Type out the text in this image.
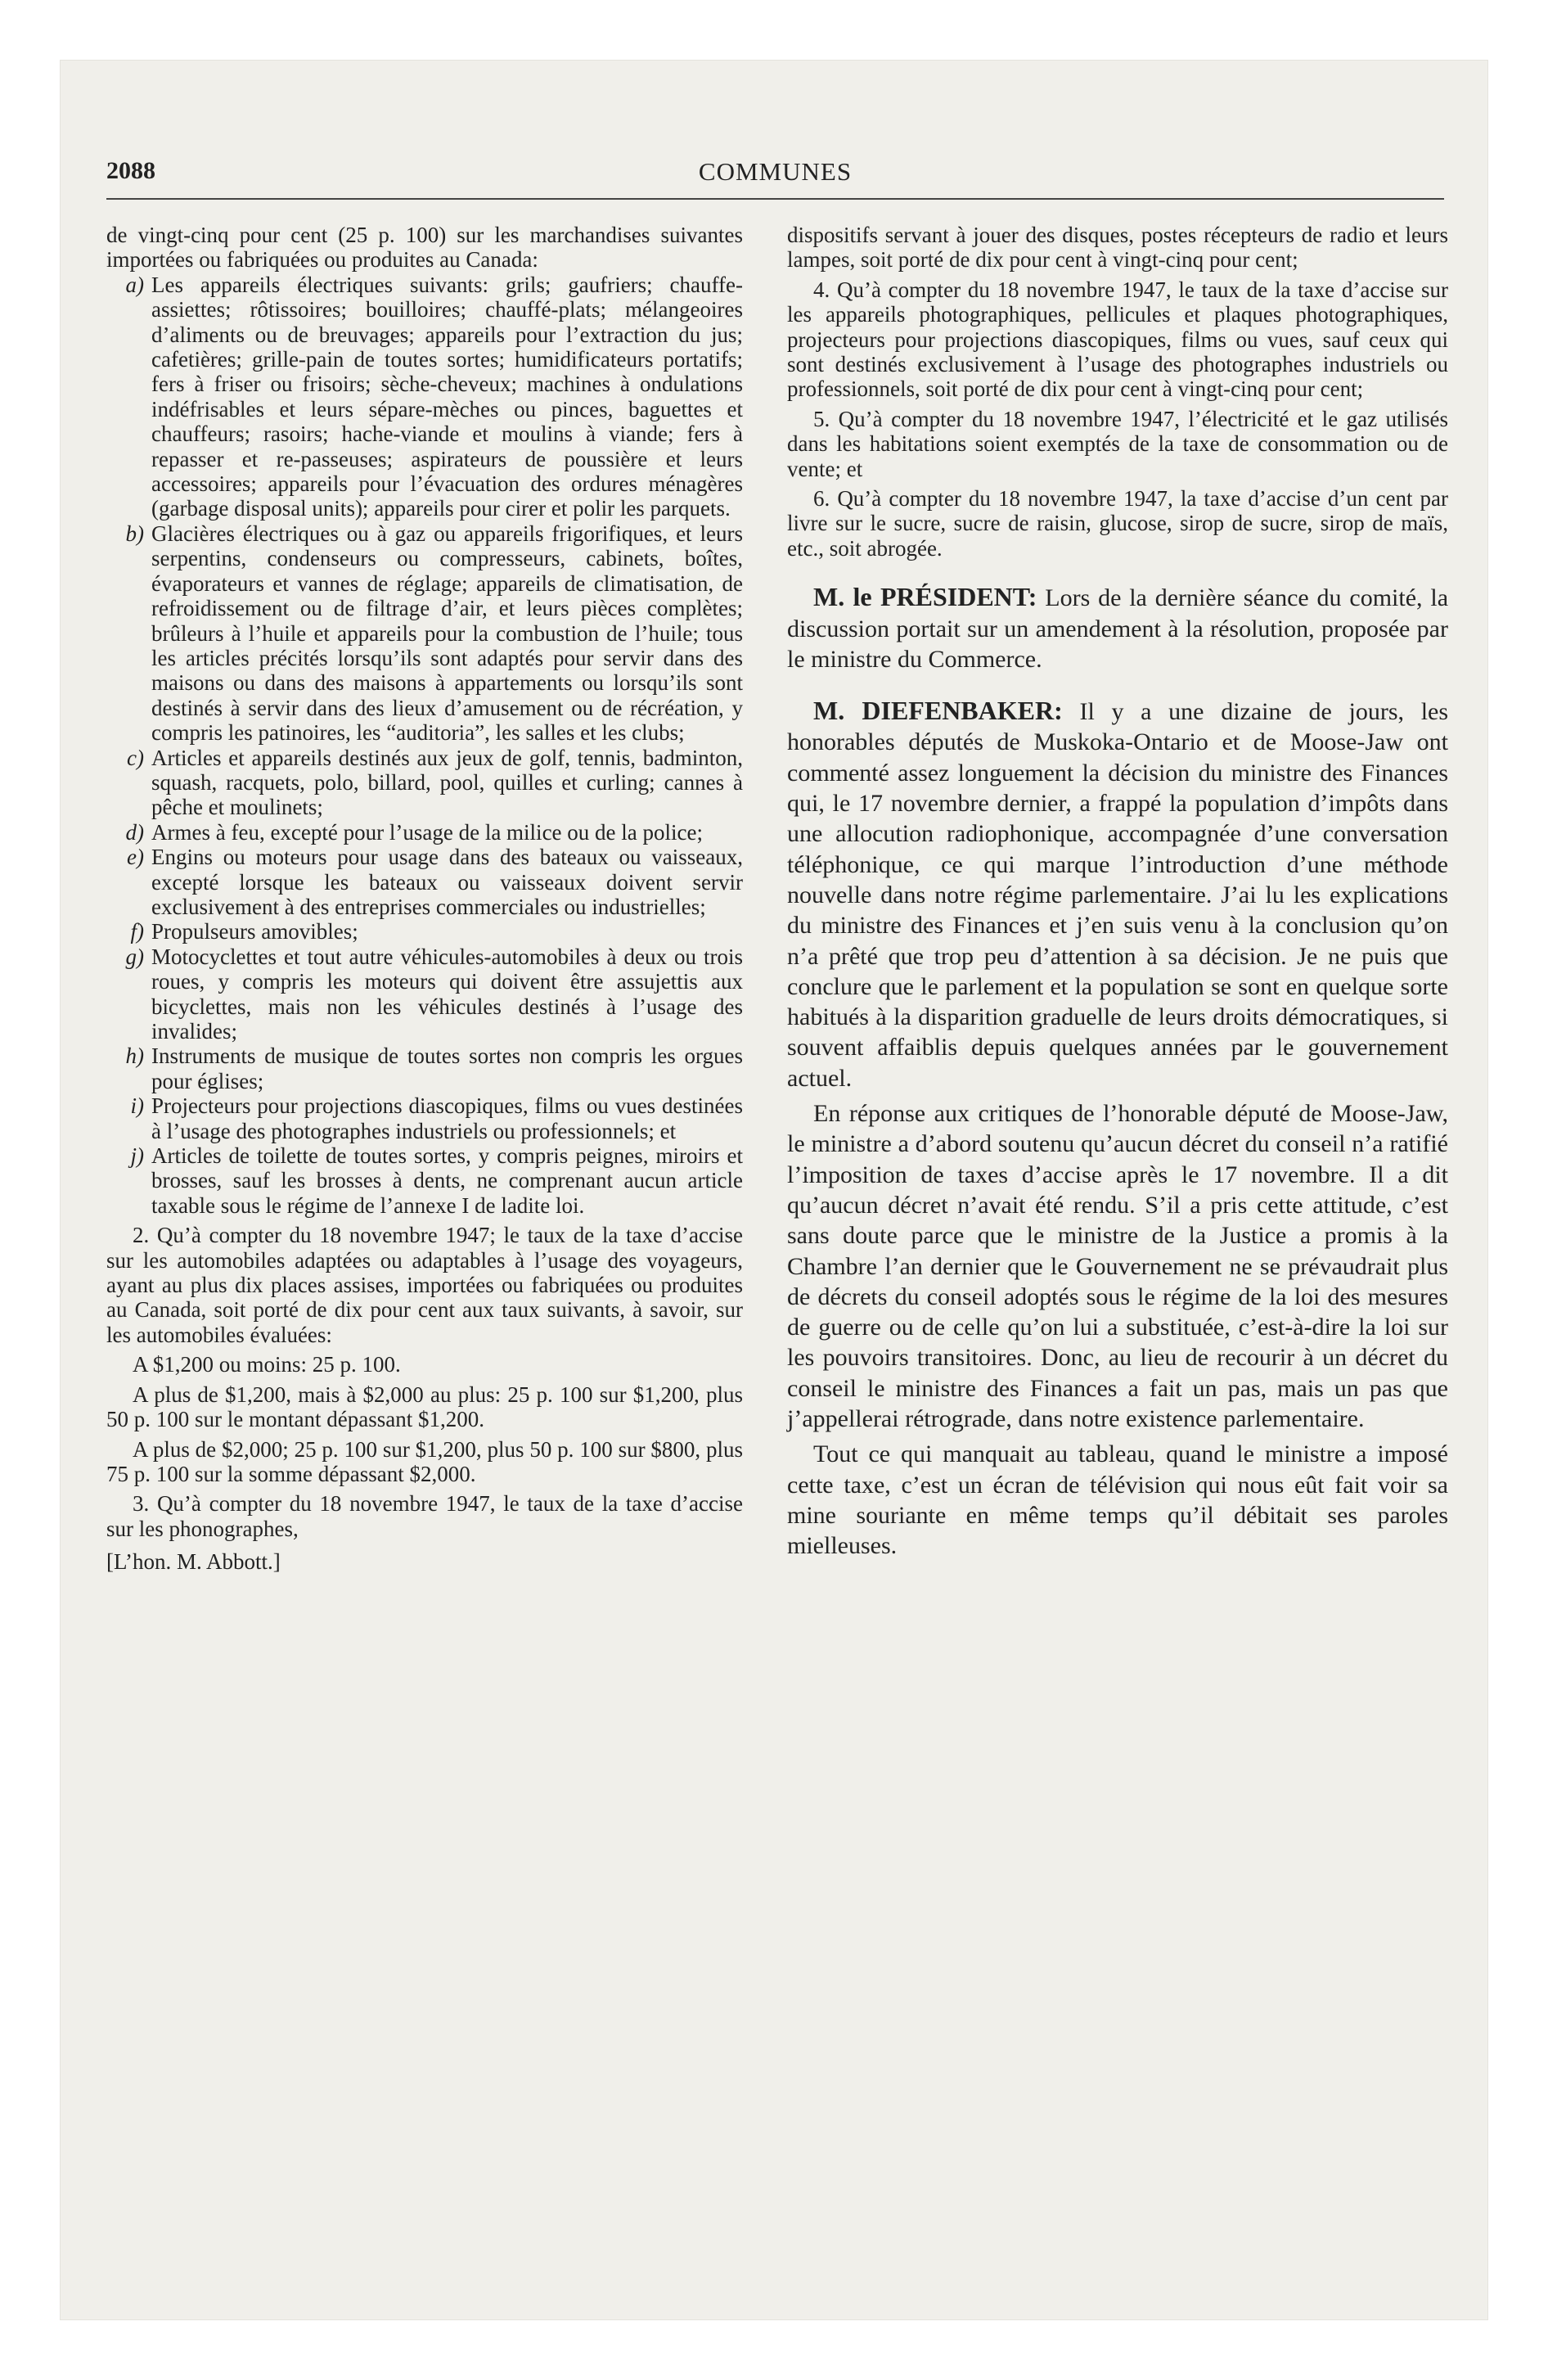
COMMUNES
2088

de vingt-cinq pour cent (25 p. 100) sur les marchandises suivantes importées ou fabriquées ou produites au Canada:

a) Les appareils électriques suivants: grils; gaufriers; chauffe-assiettes; rôtissoires; bouilloires; chauffé-plats; mélangeoires d’aliments ou de breuvages; appareils pour l’extraction du jus; cafetières; grille-pain de toutes sortes; humidificateurs portatifs; fers à friser ou frisoirs; sèche-cheveux; machines à ondulations indéfrisables et leurs sépare-mèches ou pinces, baguettes et chauffeurs; rasoirs; hache-viande et moulins à viande; fers à repasser et re-passeuses; aspirateurs de poussière et leurs accessoires; appareils pour l’évacuation des ordures ménagères (garbage disposal units); appareils pour cirer et polir les parquets.
b) Glacières électriques ou à gaz ou appareils frigorifiques, et leurs serpentins, condenseurs ou compresseurs, cabinets, boîtes, évaporateurs et vannes de réglage; appareils de climatisation, de refroidissement ou de filtrage d’air, et leurs pièces complètes; brûleurs à l’huile et appareils pour la combustion de l’huile; tous les articles précités lorsqu’ils sont adaptés pour servir dans des maisons ou dans des maisons à appartements ou lorsqu’ils sont destinés à servir dans des lieux d’amusement ou de récréation, y compris les patinoires, les “auditoria”, les salles et les clubs;
c) Articles et appareils destinés aux jeux de golf, tennis, badminton, squash, racquets, polo, billard, pool, quilles et curling; cannes à pêche et moulinets;
d) Armes à feu, excepté pour l’usage de la milice ou de la police;
e) Engins ou moteurs pour usage dans des bateaux ou vaisseaux, excepté lorsque les bateaux ou vaisseaux doivent servir exclusivement à des entreprises commerciales ou industrielles;
f) Propulseurs amovibles;
g) Motocyclettes et tout autre véhicules-automobiles à deux ou trois roues, y compris les moteurs qui doivent être assujettis aux bicyclettes, mais non les véhicules destinés à l’usage des invalides;
h) Instruments de musique de toutes sortes non compris les orgues pour églises;
i) Projecteurs pour projections diascopiques, films ou vues destinées à l’usage des photographes industriels ou professionnels; et
j) Articles de toilette de toutes sortes, y compris peignes, miroirs et brosses, sauf les brosses à dents, ne comprenant aucun article taxable sous le régime de l’annexe I de ladite loi.

2. Qu’à compter du 18 novembre 1947; le taux de la taxe d’accise sur les automobiles adaptées ou adaptables à l’usage des voyageurs, ayant au plus dix places assises, importées ou fabriquées ou produites au Canada, soit porté de dix pour cent aux taux suivants, à savoir, sur les automobiles évaluées:

A $1,200 ou moins: 25 p. 100.

A plus de $1,200, mais à $2,000 au plus: 25 p. 100 sur $1,200, plus 50 p. 100 sur le montant dépassant $1,200.

A plus de $2,000; 25 p. 100 sur $1,200, plus 50 p. 100 sur $800, plus 75 p. 100 sur la somme dépassant $2,000.

3. Qu’à compter du 18 novembre 1947, le taux de la taxe d’accise sur les phonographes,

[L’hon. M. Abbott.]

dispositifs servant à jouer des disques, postes récepteurs de radio et leurs lampes, soit porté de dix pour cent à vingt-cinq pour cent;

4. Qu’à compter du 18 novembre 1947, le taux de la taxe d’accise sur les appareils photographiques, pellicules et plaques photographiques, projecteurs pour projections diascopiques, films ou vues, sauf ceux qui sont destinés exclusivement à l’usage des photographes industriels ou professionnels, soit porté de dix pour cent à vingt-cinq pour cent;

5. Qu’à compter du 18 novembre 1947, l’électricité et le gaz utilisés dans les habitations soient exemptés de la taxe de consommation ou de vente; et

6. Qu’à compter du 18 novembre 1947, la taxe d’accise d’un cent par livre sur le sucre, sucre de raisin, glucose, sirop de sucre, sirop de maïs, etc., soit abrogée.

M. le PRÉSIDENT: Lors de la dernière séance du comité, la discussion portait sur un amendement à la résolution, proposée par le ministre du Commerce.

M. DIEFENBAKER: Il y a une dizaine de jours, les honorables députés de Muskoka-Ontario et de Moose-Jaw ont commenté assez longuement la décision du ministre des Finances qui, le 17 novembre dernier, a frappé la population d’impôts dans une allocution radiophonique, accompagnée d’une conversation téléphonique, ce qui marque l’introduction d’une méthode nouvelle dans notre régime parlementaire. J’ai lu les explications du ministre des Finances et j’en suis venu à la conclusion qu’on n’a prêté que trop peu d’attention à sa décision. Je ne puis que conclure que le parlement et la population se sont en quelque sorte habitués à la disparition graduelle de leurs droits démocratiques, si souvent affaiblis depuis quelques années par le gouvernement actuel.

En réponse aux critiques de l’honorable député de Moose-Jaw, le ministre a d’abord soutenu qu’aucun décret du conseil n’a ratifié l’imposition de taxes d’accise après le 17 novembre. Il a dit qu’aucun décret n’avait été rendu. S’il a pris cette attitude, c’est sans doute parce que le ministre de la Justice a promis à la Chambre l’an dernier que le Gouvernement ne se prévaudrait plus de décrets du conseil adoptés sous le régime de la loi des mesures de guerre ou de celle qu’on lui a substituée, c’est-à-dire la loi sur les pouvoirs transitoires. Donc, au lieu de recourir à un décret du conseil le ministre des Finances a fait un pas, mais un pas que j’appellerai rétrograde, dans notre existence parlementaire.

Tout ce qui manquait au tableau, quand le ministre a imposé cette taxe, c’est un écran de télévision qui nous eût fait voir sa mine souriante en même temps qu’il débitait ses paroles mielleuses.
